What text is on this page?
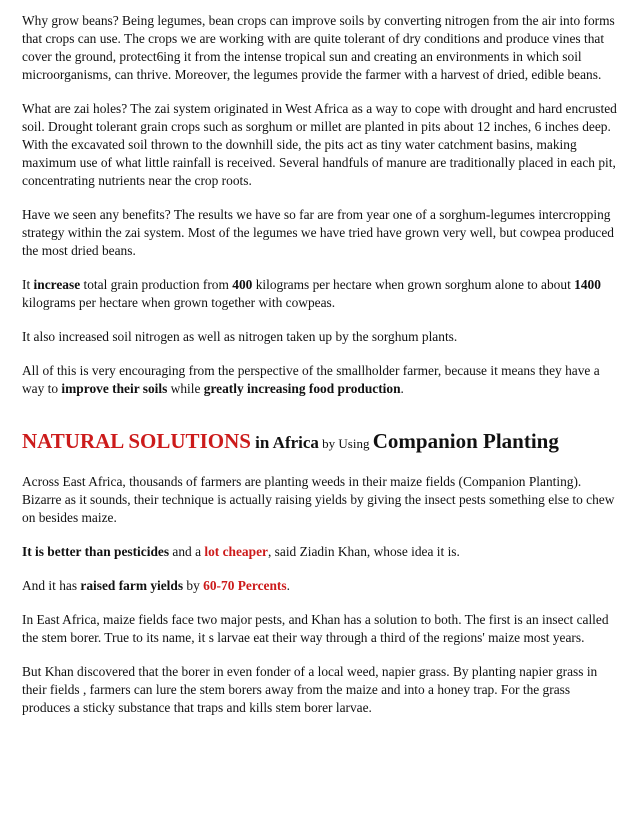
Why grow beans? Being legumes, bean crops can improve soils by converting nitrogen from the air into forms that crops can use. The crops we are working with are quite tolerant of dry conditions and produce vines that cover the ground, protect6ing it from the intense tropical sun and creating an environments in which soil microorganisms, can thrive. Moreover, the legumes provide the farmer with a harvest of dried, edible beans.

What are zai holes? The zai system originated in West Africa as a way to cope with drought and hard encrusted soil. Drought tolerant grain crops such as sorghum or millet are planted in pits about 12 inches, 6 inches deep. With the excavated soil thrown to the downhill side, the pits act as tiny water catchment basins, making maximum use of what little rainfall is received. Several handfuls of manure are traditionally placed in each pit, concentrating nutrients near the crop roots.

Have we seen any benefits? The results we have so far are from year one of a sorghum-legumes intercropping strategy within the zai system. Most of the legumes we have tried have grown very well, but cowpea produced the most dried beans.

It increase total grain production from 400 kilograms per hectare when grown sorghum alone to about 1400 kilograms per hectare when grown together with cowpeas.

It also increased soil nitrogen as well as nitrogen taken up by the sorghum plants.

All of this is very encouraging from the perspective of the smallholder farmer, because it means they have a way to improve their soils while greatly increasing food production.

NATURAL SOLUTIONS in Africa by Using Companion Planting

Across East Africa, thousands of farmers are planting weeds in their maize fields (Companion Planting). Bizarre as it sounds, their technique is actually raising yields by giving the insect pests something else to chew on besides maize.

It is better than pesticides and a lot cheaper, said Ziadin Khan, whose idea it is.

And it has raised farm yields by 60-70 Percents.

In East Africa, maize fields face two major pests, and Khan has a solution to both. The first is an insect called the stem borer. True to its name, it s larvae eat their way through a third of the regions' maize most years.

But Khan discovered that the borer in even fonder of a local weed, napier grass. By planting napier grass in their fields , farmers can lure the stem borers away from the maize and into a honey trap. For the grass produces a sticky substance that traps and kills stem borer larvae.
